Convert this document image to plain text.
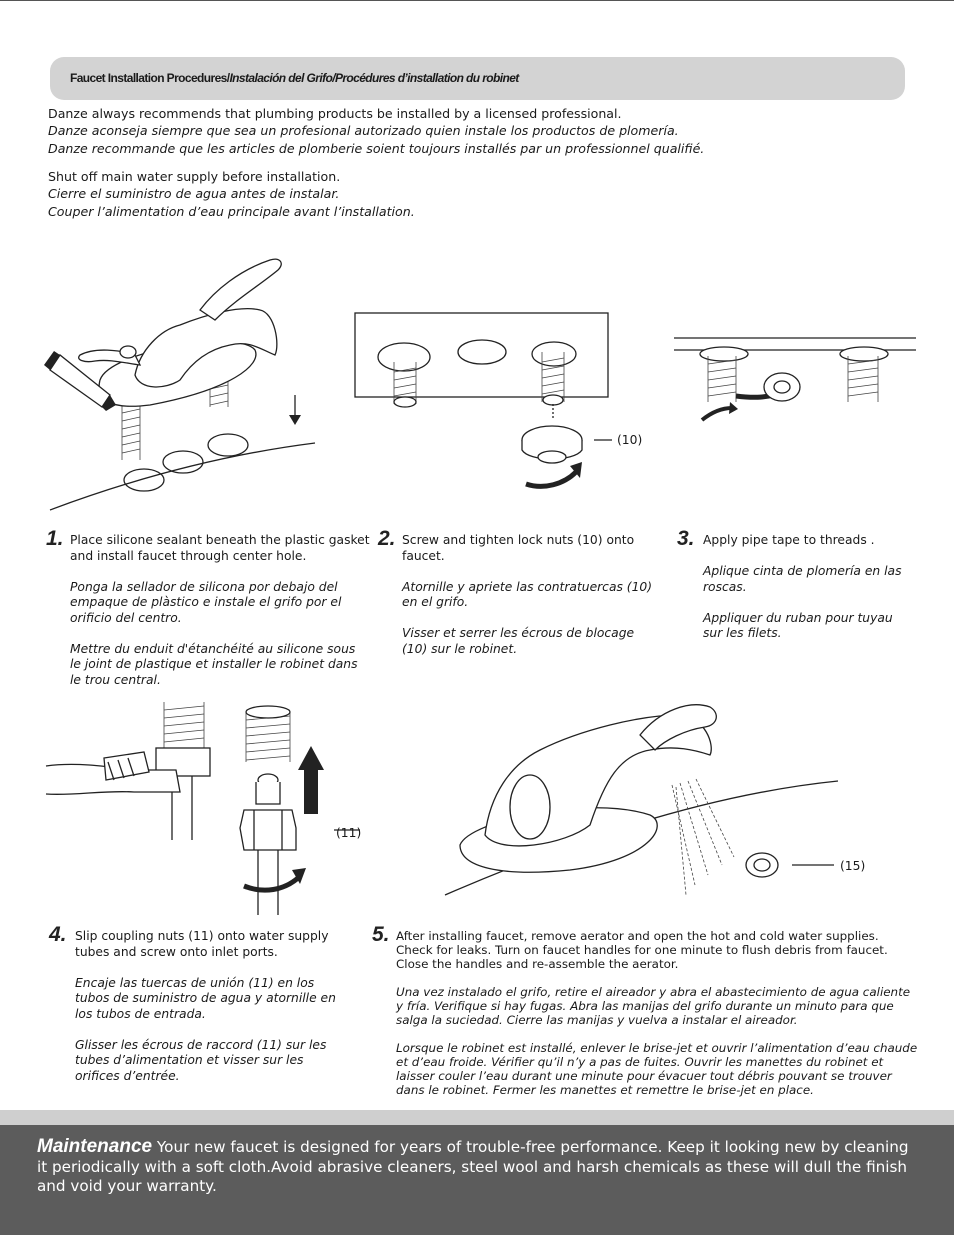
Faucet Installation Procedures/Instalación del Grifo/Procédures d’installation du robinet

Danze always recommends that plumbing products be installed by a licensed professional.

Danze aconseja siempre que sea un profesional autorizado quien instale los productos de plomería.

Danze recommande que les articles de plomberie soient toujours installés par un professionnel qualifié.

Shut off main water supply before installation.

Cierre el suministro de agua antes de instalar.

Couper l’alimentation d’eau principale avant l’installation.

(10)
(11)
(15)
1. Place silicone sealant beneath the plastic gasket and install faucet through center hole.

Ponga la sellador de silicona por debajo del empaque de plàstico e instale el grifo por el orificio del centro.

Mettre du enduit d'étanchéité au silicone sous le joint de plastique et installer le robinet dans le trou central.

2. Screw and tighten lock nuts (10) onto faucet.

Atornille y apriete las contratuercas (10) en el grifo.

Visser et serrer les écrous de blocage (10) sur le robinet.

3. Apply pipe tape to threads .

Aplique cinta de plomería en las roscas.

Appliquer du ruban pour tuyau sur les filets.

4. Slip coupling nuts (11) onto water supply tubes and screw onto inlet ports.

Encaje las tuercas de unión (11) en los tubos de suministro de agua y atornille en los tubos de entrada.

Glisser les écrous de raccord (11) sur les tubes d’alimentation et visser sur les orifices d’entrée.

5. After installing faucet, remove aerator and open the hot and cold water supplies. Check for leaks. Turn on faucet handles for one minute to flush debris from faucet. Close the handles and re-assemble the aerator.

Una vez instalado el grifo, retire el aireador y abra el abastecimiento de agua caliente y fría. Verifique si hay fugas. Abra las manijas del grifo durante un minuto para que salga la suciedad. Cierre las manijas y vuelva a instalar el aireador.

Lorsque le robinet est installé, enlever le brise-jet et ouvrir l’alimentation d’eau chaude et d’eau froide. Vérifier qu’il n’y a pas de fuites. Ouvrir les manettes du robinet et laisser couler l’eau durant une minute pour évacuer tout débris pouvant se trouver dans le robinet. Fermer les manettes et remettre le brise-jet en place.

Maintenance Your new faucet is designed for years of trouble-free performance. Keep it looking new by cleaning it periodically with a soft cloth.Avoid abrasive cleaners, steel wool and harsh chemicals as these will dull the finish and void your warranty.
